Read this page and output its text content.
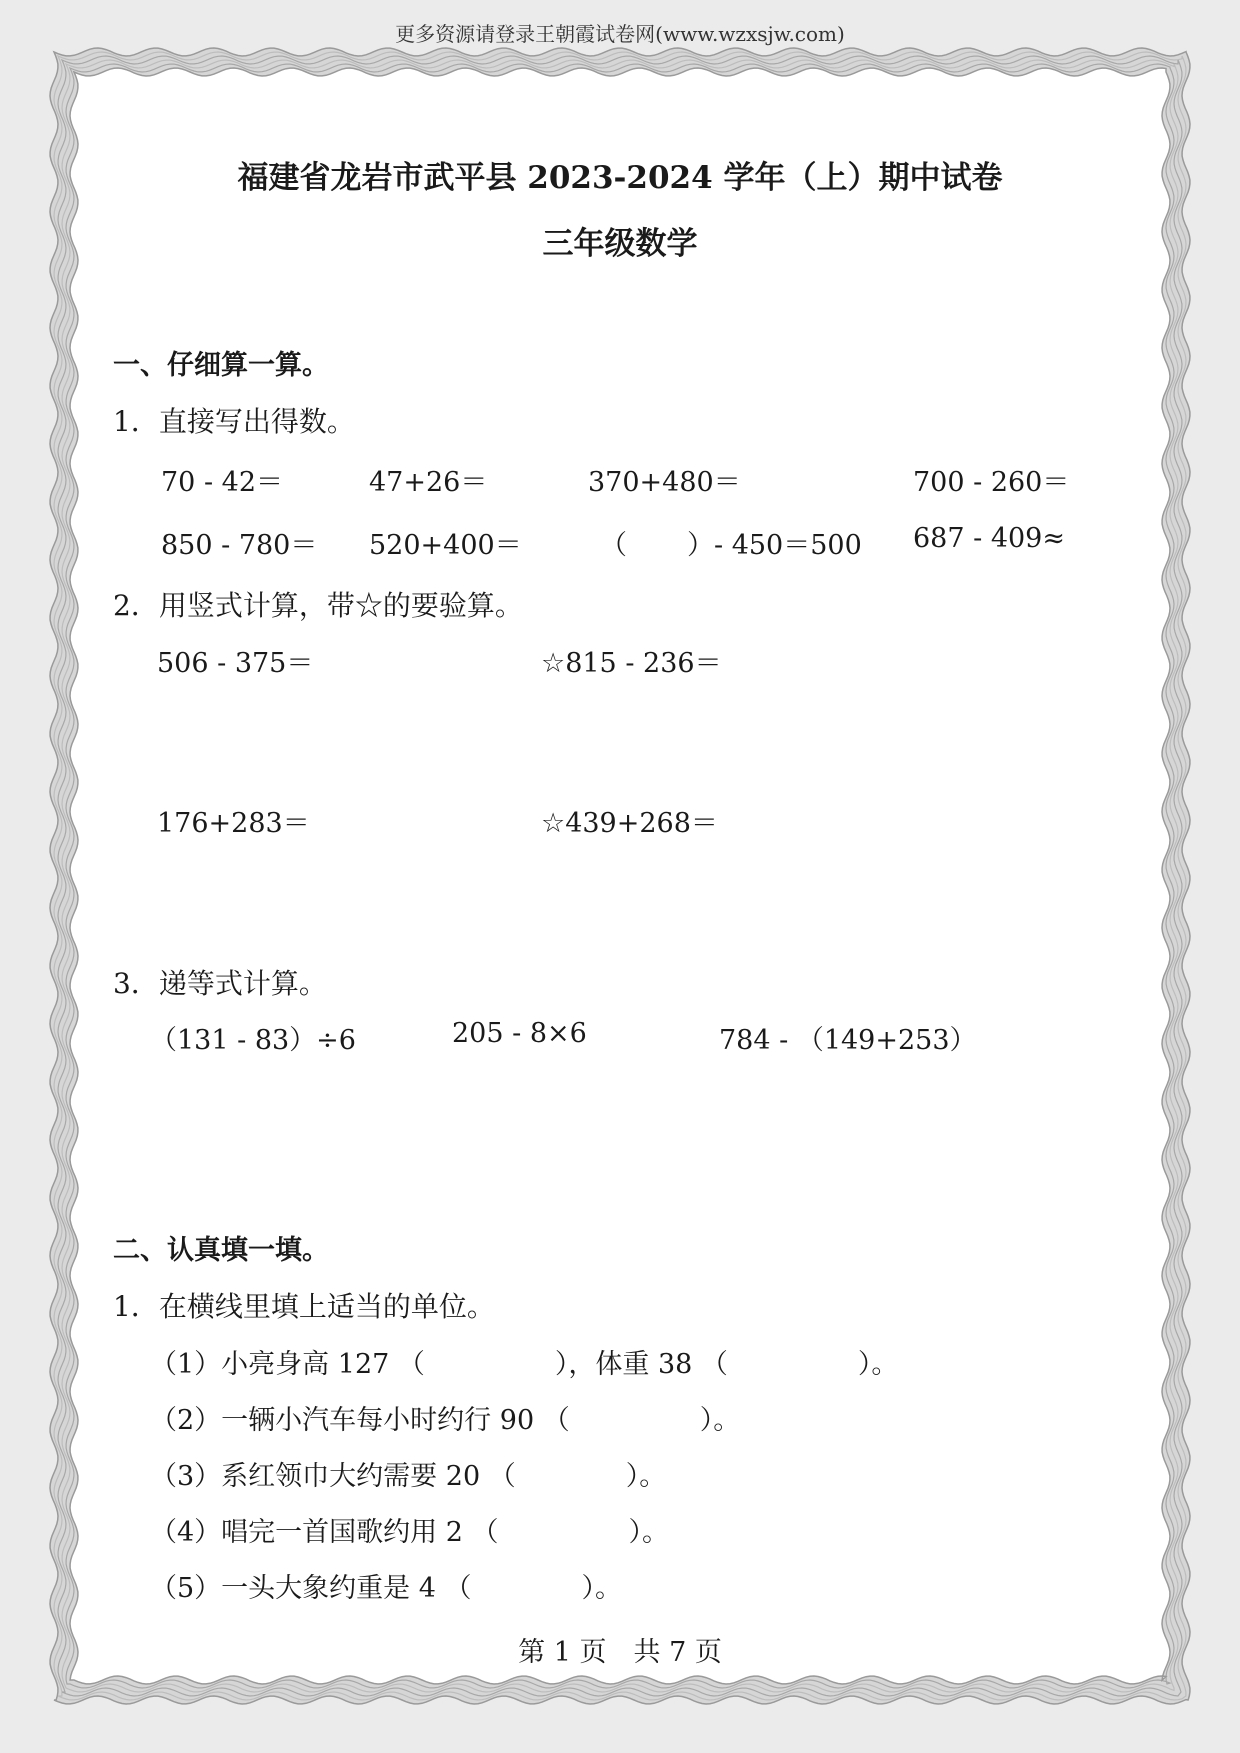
更多资源请登录王朝霞试卷网(www.wzxsjw.com)
福建省龙岩市武平县 2023-2024 学年（上）期中试卷
三年级数学
一、仔细算一算。
1．直接写出得数。
70 - 42＝	47+26＝	370+480＝	700 - 260＝
850 - 780＝ 520+400＝	（ ）- 450＝500 687 - 409≈
2．用竖式计算，带☆的要验算。
506 - 375＝	☆815 - 236＝
176+283＝	☆439+268＝
3．递等式计算。
（131 - 83）÷6	205 - 8×6	784 - （149+253）
二、认真填一填。
1．在横线里填上适当的单位。
（1）小亮身高 127 （	），体重 38 （	）。
（2）一辆小汽车每小时约行 90 （	）。
（3）系红领巾大约需要 20 （	）。
（4）唱完一首国歌约用 2 （	）。
（5）一头大象约重是 4 （	）。
第 1 页　共 7 页
